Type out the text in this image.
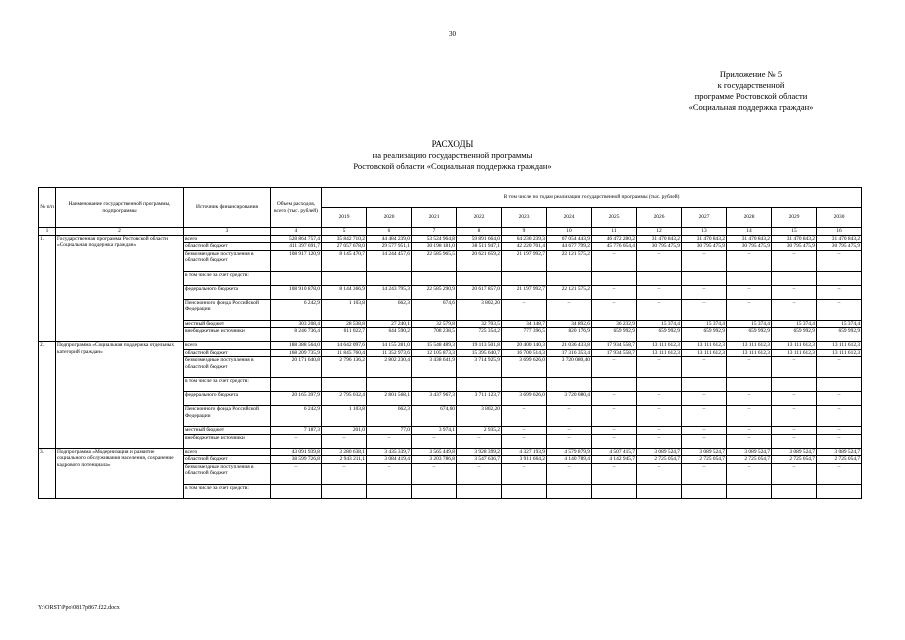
30
Приложение № 5
к государственной
программе Ростовской области
«Социальная поддержка граждан»
РАСХОДЫ
на реализацию государственной программы
Ростовской области «Социальная поддержка граждан»
№ п/п	Наименование государственной программы, подпрограммы	Источник финансирования	Объем расходов, всего (тыс. рублей)	В том числе по годам реализации государственной программы (тыс. рублей)											
				2019	2020	2021	2022	2023	2024	2025	2026	2027	2028	2029	2030
1	2	3	4	5	6	7	8	9	10	11	12	13	14	15	16
1.	Государственная программа Ростовской области «Социальная поддержка граждан»	всего	528 864 757,4	35 842 710,2	44 484 239,0	53 524 964,8	59 891 664,0	64 230 239,3	67 054 443,9	46 472 280,2	31 470 843,2	31 470 843,2	31 470 843,2	31 470 843,2	31 470 843,2
		областной бюджет	411 397 691,7	27 057 678,0	29 577 951,1	30 198 181,0	38 511 947,1	42 220 701,4	44 677 799,2	45 776 054,4	30 795 475,9	30 795 475,9	30 795 475,9	30 795 475,9	30 795 475,9
		безвозмездные поступления в областной бюджет	108 917 120,9	8 145 470,7	14 244 457,6	22 585 965,5	20 621 659,2	21 197 992,7	22 121 575,2	–	–	–	–	–	–
		в том числе за счет средств:													
		федерального бюджета	108 910 878,0	8 144 366,9	14 243 795,3	22 585 290,9	20 617 857,0	21 197 992,7	22 121 575,2	–	–	–	–	–	–
		Пенсионного фонда Российской Федерации	6 242,9	1 103,8	662,3	674,6	3 802,20	–	–	–	–	–	–	–	–
		местный бюджет	303 208,4	28 538,8	27 240,1	32 579,8	32 703,5	34 148,7	34 892,6	36 232,9	15 374,4	15 374,4	15 374,4	15 374,4	15 374,4
		внебюджетные источники	8 246 736,4	611 022,7	644 590,2	708 238,5	725 354,2	777 396,5	820 176,9	659 992,9	659 992,9	659 992,9	659 992,9	659 992,9	659 992,9
2.	Подпрограмма «Социальная поддержка отдельных категорий граждан»	всего	188 388 564,0	14 642 097,6	14 155 281,0	15 548 489,3	19 113 501,8	20 400 140,3	21 036 433,8	17 934 558,7	13 111 612,3	13 111 612,3	13 111 612,3	13 111 612,3	13 111 612,3
		областной бюджет	168 209 735,9	11 845 760,4	11 352 973,6	12 105 873,3	15 395 640,7	16 700 514,3	17 316 353,4	17 934 558,7	13 111 612,3	13 111 612,3	13 111 612,3	13 111 612,3	13 111 612,3
		безвозмездные поступления в областной бюджет	20 171 640,8	2 796 136,2	2 802 230,4	3 438 641,9	3 714 925,9	3 699 626,0	3 720 080,40	–	–	–	–	–	–
		в том числе за счет средств:													
		федерального бюджета	20 165 397,9	2 795 032,4	2 801 568,1	3 437 967,3	3 711 123,7	3 699 626,0	3 720 080,4	–	–	–	–	–	–
		Пенсионного фонда Российской Федерации	6 242,9	1 103,8	662,3	674,60	3 802,20	–	–	–	–	–	–	–	–
		местный бюджет	7 187,3	201,0	77,0	3 974,1	2 935,2	–	–	–	–	–	–	–	–
		внебюджетные источники	–	–	–	–	–	–	–	–	–	–	–	–	–
3.	Подпрограмма «Модернизация и развитие социального обслуживания населения, сохранение кадрового потенциала»	всего	43 091 939,8	3 280 638,1	3 435 339,7	3 565 449,8	3 928 399,2	4 327 193,9	4 579 879,9	4 507 415,7	3 089 524,7	3 089 524,7	3 089 524,7	3 089 524,7	3 089 524,7
		областной бюджет	38 599 726,8	2 943 211,1	3 084 419,4	3 203 786,8	3 547 636,7	3 911 664,2	4 140 789,4	4 142 945,7	2 725 054,7	2 725 054,7	2 725 054,7	2 725 054,7	2 725 054,7
		безвозмездные поступления в областной бюджет	–	–	–	–	–	–	–	–	–	–	–	–	–
		в том числе за счет средств:													
Y:\ORST\Ppo\0817p867.f22.docx
